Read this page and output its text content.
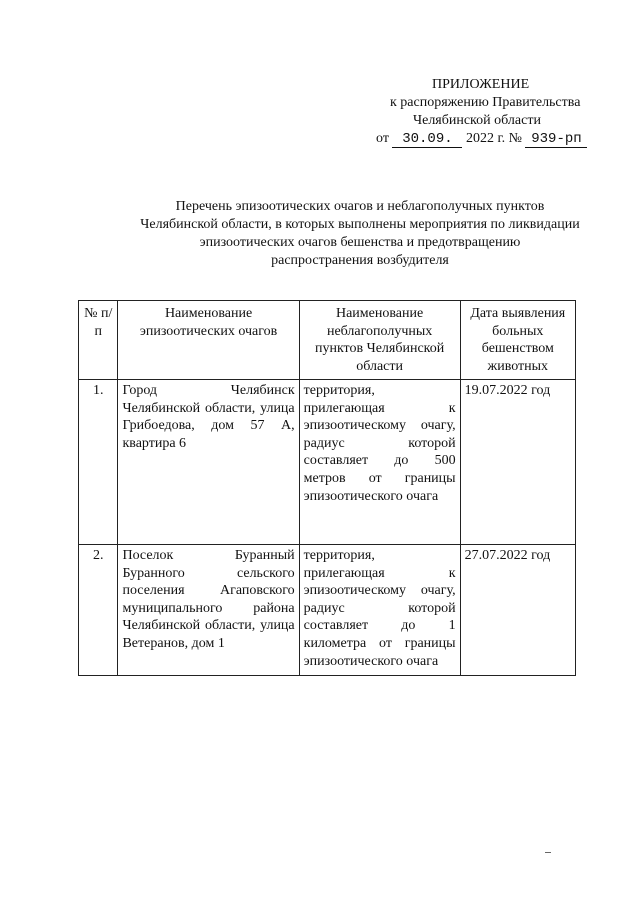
ПРИЛОЖЕНИЕ
к распоряжению Правительства
Челябинской области
от 30.09. 2022 г. № 939-рп
Перечень эпизоотических очагов и неблагополучных пунктов
Челябинской области, в которых выполнены мероприятия по ликвидации
эпизоотических очагов бешенства и предотвращению
распространения возбудителя
№ п/п	Наименование эпизоотических очагов	Наименование неблагополучных пунктов Челябинской области	Дата выявления больных бешенством животных
1.	Город Челябинск Челябинской области, улица Грибоедова, дом 57 А, квартира 6	территория, прилегающая к эпизоотическому очагу, радиус которой составляет до 500 метров от границы эпизоотического очага	19.07.2022 год
2.	Поселок Буранный Буранного сельского поселения Агаповского муниципального района Челябинской области, улица Ветеранов, дом 1	территория, прилегающая к эпизоотическому очагу, радиус которой составляет до 1 километра от границы эпизоотического очага	27.07.2022 год
